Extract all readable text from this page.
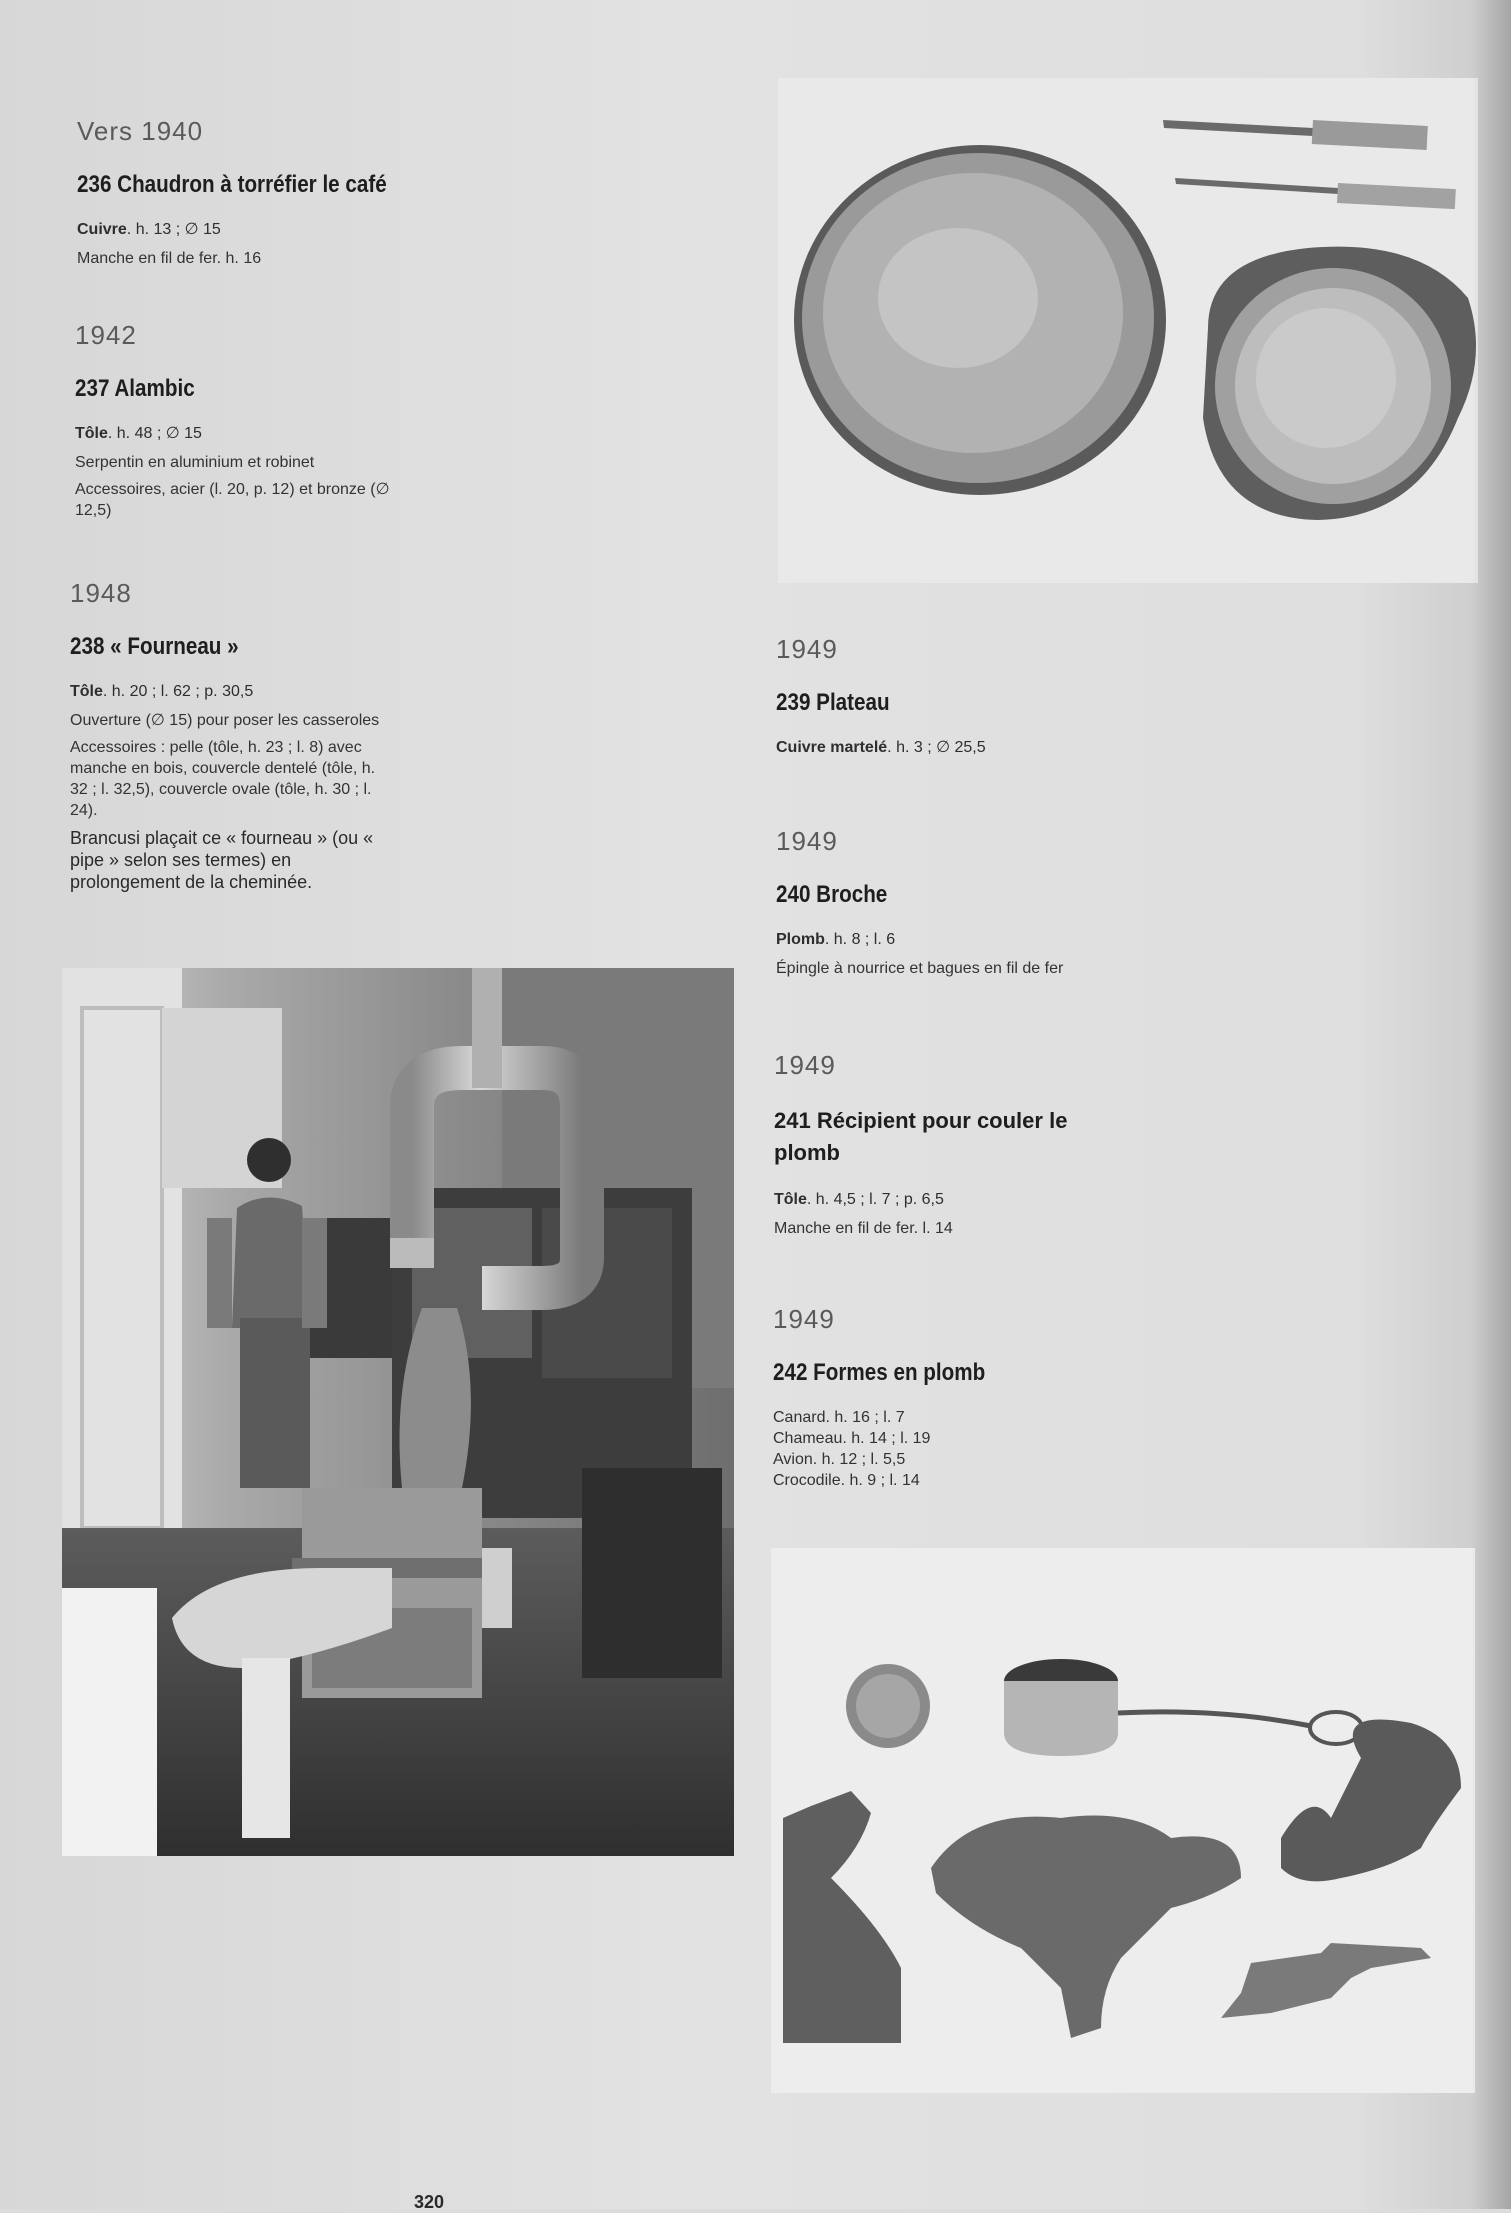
Vers 1940
236 Chaudron à torréfier le café
Cuivre. h. 13 ; ∅ 15
Manche en fil de fer. h. 16
1942
237 Alambic
Tôle. h. 48 ; ∅ 15
Serpentin en aluminium et robinet
Accessoires, acier (l. 20, p. 12) et bronze (∅ 12,5)
1948
238 « Fourneau »
Tôle. h. 20 ; l. 62 ; p. 30,5
Ouverture (∅ 15) pour poser les casseroles
Accessoires : pelle (tôle, h. 23 ; l. 8) avec manche en bois, couvercle dentelé (tôle, h. 32 ; l. 32,5), couvercle ovale (tôle, h. 30 ; l. 24).
Brancusi plaçait ce « fourneau » (ou « pipe » selon ses termes) en prolongement de la cheminée.
1949
239 Plateau
Cuivre martelé. h. 3 ; ∅ 25,5
1949
240 Broche
Plomb. h. 8 ; l. 6
Épingle à nourrice et bagues en fil de fer
1949
241 Récipient pour couler le plomb
Tôle. h. 4,5 ; l. 7 ; p. 6,5
Manche en fil de fer. l. 14
1949
242 Formes en plomb
Canard. h. 16 ; l. 7
Chameau. h. 14 ; l. 19
Avion. h. 12 ; l. 5,5
Crocodile. h. 9 ; l. 14
320
